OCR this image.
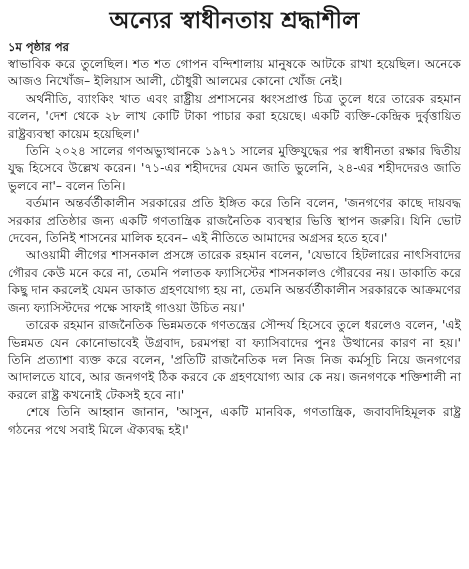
অন্যের স্বাধীনতায় শ্রদ্ধাশীল

১ম পৃষ্ঠার পর

স্বাভাবিক করে তুলেছিল। শত শত গোপন বন্দিশালায় মানুষকে আটকে রাখা হয়েছিল। অনেকে আজও নিখোঁজ– ইলিয়াস আলী, চৌধুরী আলমের কোনো খোঁজ নেই।

অর্থনীতি, ব্যাংকিং খাত এবং রাষ্ট্রীয় প্রশাসনের ধ্বংসপ্রাপ্ত চিত্র তুলে ধরে তারেক রহমান বলেন, 'দেশ থেকে ২৮ লাখ কোটি টাকা পাচার করা হয়েছে। একটি ব্যক্তি-কেন্দ্রিক দুর্বৃত্তায়িত রাষ্ট্রব্যবস্থা কায়েম হয়েছিল।'

তিনি ২০২৪ সালের গণঅভ্যুত্থানকে ১৯৭১ সালের মুক্তিযুদ্ধের পর স্বাধীনতা রক্ষার দ্বিতীয় যুদ্ধ হিসেবে উল্লেখ করেন। '৭১-এর শহীদদের যেমন জাতি ভুলেনি, ২৪-এর শহীদদেরও জাতি ভুলবে না'– বলেন তিনি।

বর্তমান অন্তর্বর্তীকালীন সরকারের প্রতি ইঙ্গিত করে তিনি বলেন, 'জনগণের কাছে দায়বদ্ধ সরকার প্রতিষ্ঠার জন্য একটি গণতান্ত্রিক রাজনৈতিক ব্যবস্থার ভিত্তি স্থাপন জরুরি। যিনি ভোট দেবেন, তিনিই শাসনের মালিক হবেন– এই নীতিতে আমাদের অগ্রসর হতে হবে।'

আওয়ামী লীগের শাসনকাল প্রসঙ্গে তারেক রহমান বলেন, 'যেভাবে হিটলারের নাৎসিবাদের গৌরব কেউ মনে করে না, তেমনি পলাতক ফ্যাসিস্টের শাসনকালও গৌরবের নয়। ডাকাতি করে কিছু দান করলেই যেমন ডাকাত গ্রহণযোগ্য হয় না, তেমনি অন্তর্বর্তীকালীন সরকারকে আক্রমণের জন্য ফ্যাসিস্টদের পক্ষে সাফাই গাওয়া উচিত নয়।'

তারেক রহমান রাজনৈতিক ভিন্নমতকে গণতন্ত্রের সৌন্দর্য হিসেবে তুলে ধরলেও বলেন, 'এই ভিন্নমত যেন কোনোভাবেই উগ্রবাদ, চরমপন্থা বা ফ্যাসিবাদের পুনঃ উত্থানের কারণ না হয়।' তিনি প্রত্যাশা ব্যক্ত করে বলেন, 'প্রতিটি রাজনৈতিক দল নিজ নিজ কর্মসূচি নিয়ে জনগণের আদালতে যাবে, আর জনগণই ঠিক করবে কে গ্রহণযোগ্য আর কে নয়। জনগণকে শক্তিশালী না করলে রাষ্ট্র কখনোই টেকসই হবে না।'

শেষে তিনি আহ্বান জানান, 'আসুন, একটি মানবিক, গণতান্ত্রিক, জবাবদিহিমূলক রাষ্ট্র গঠনের পথে সবাই মিলে ঐক্যবদ্ধ হই।'
